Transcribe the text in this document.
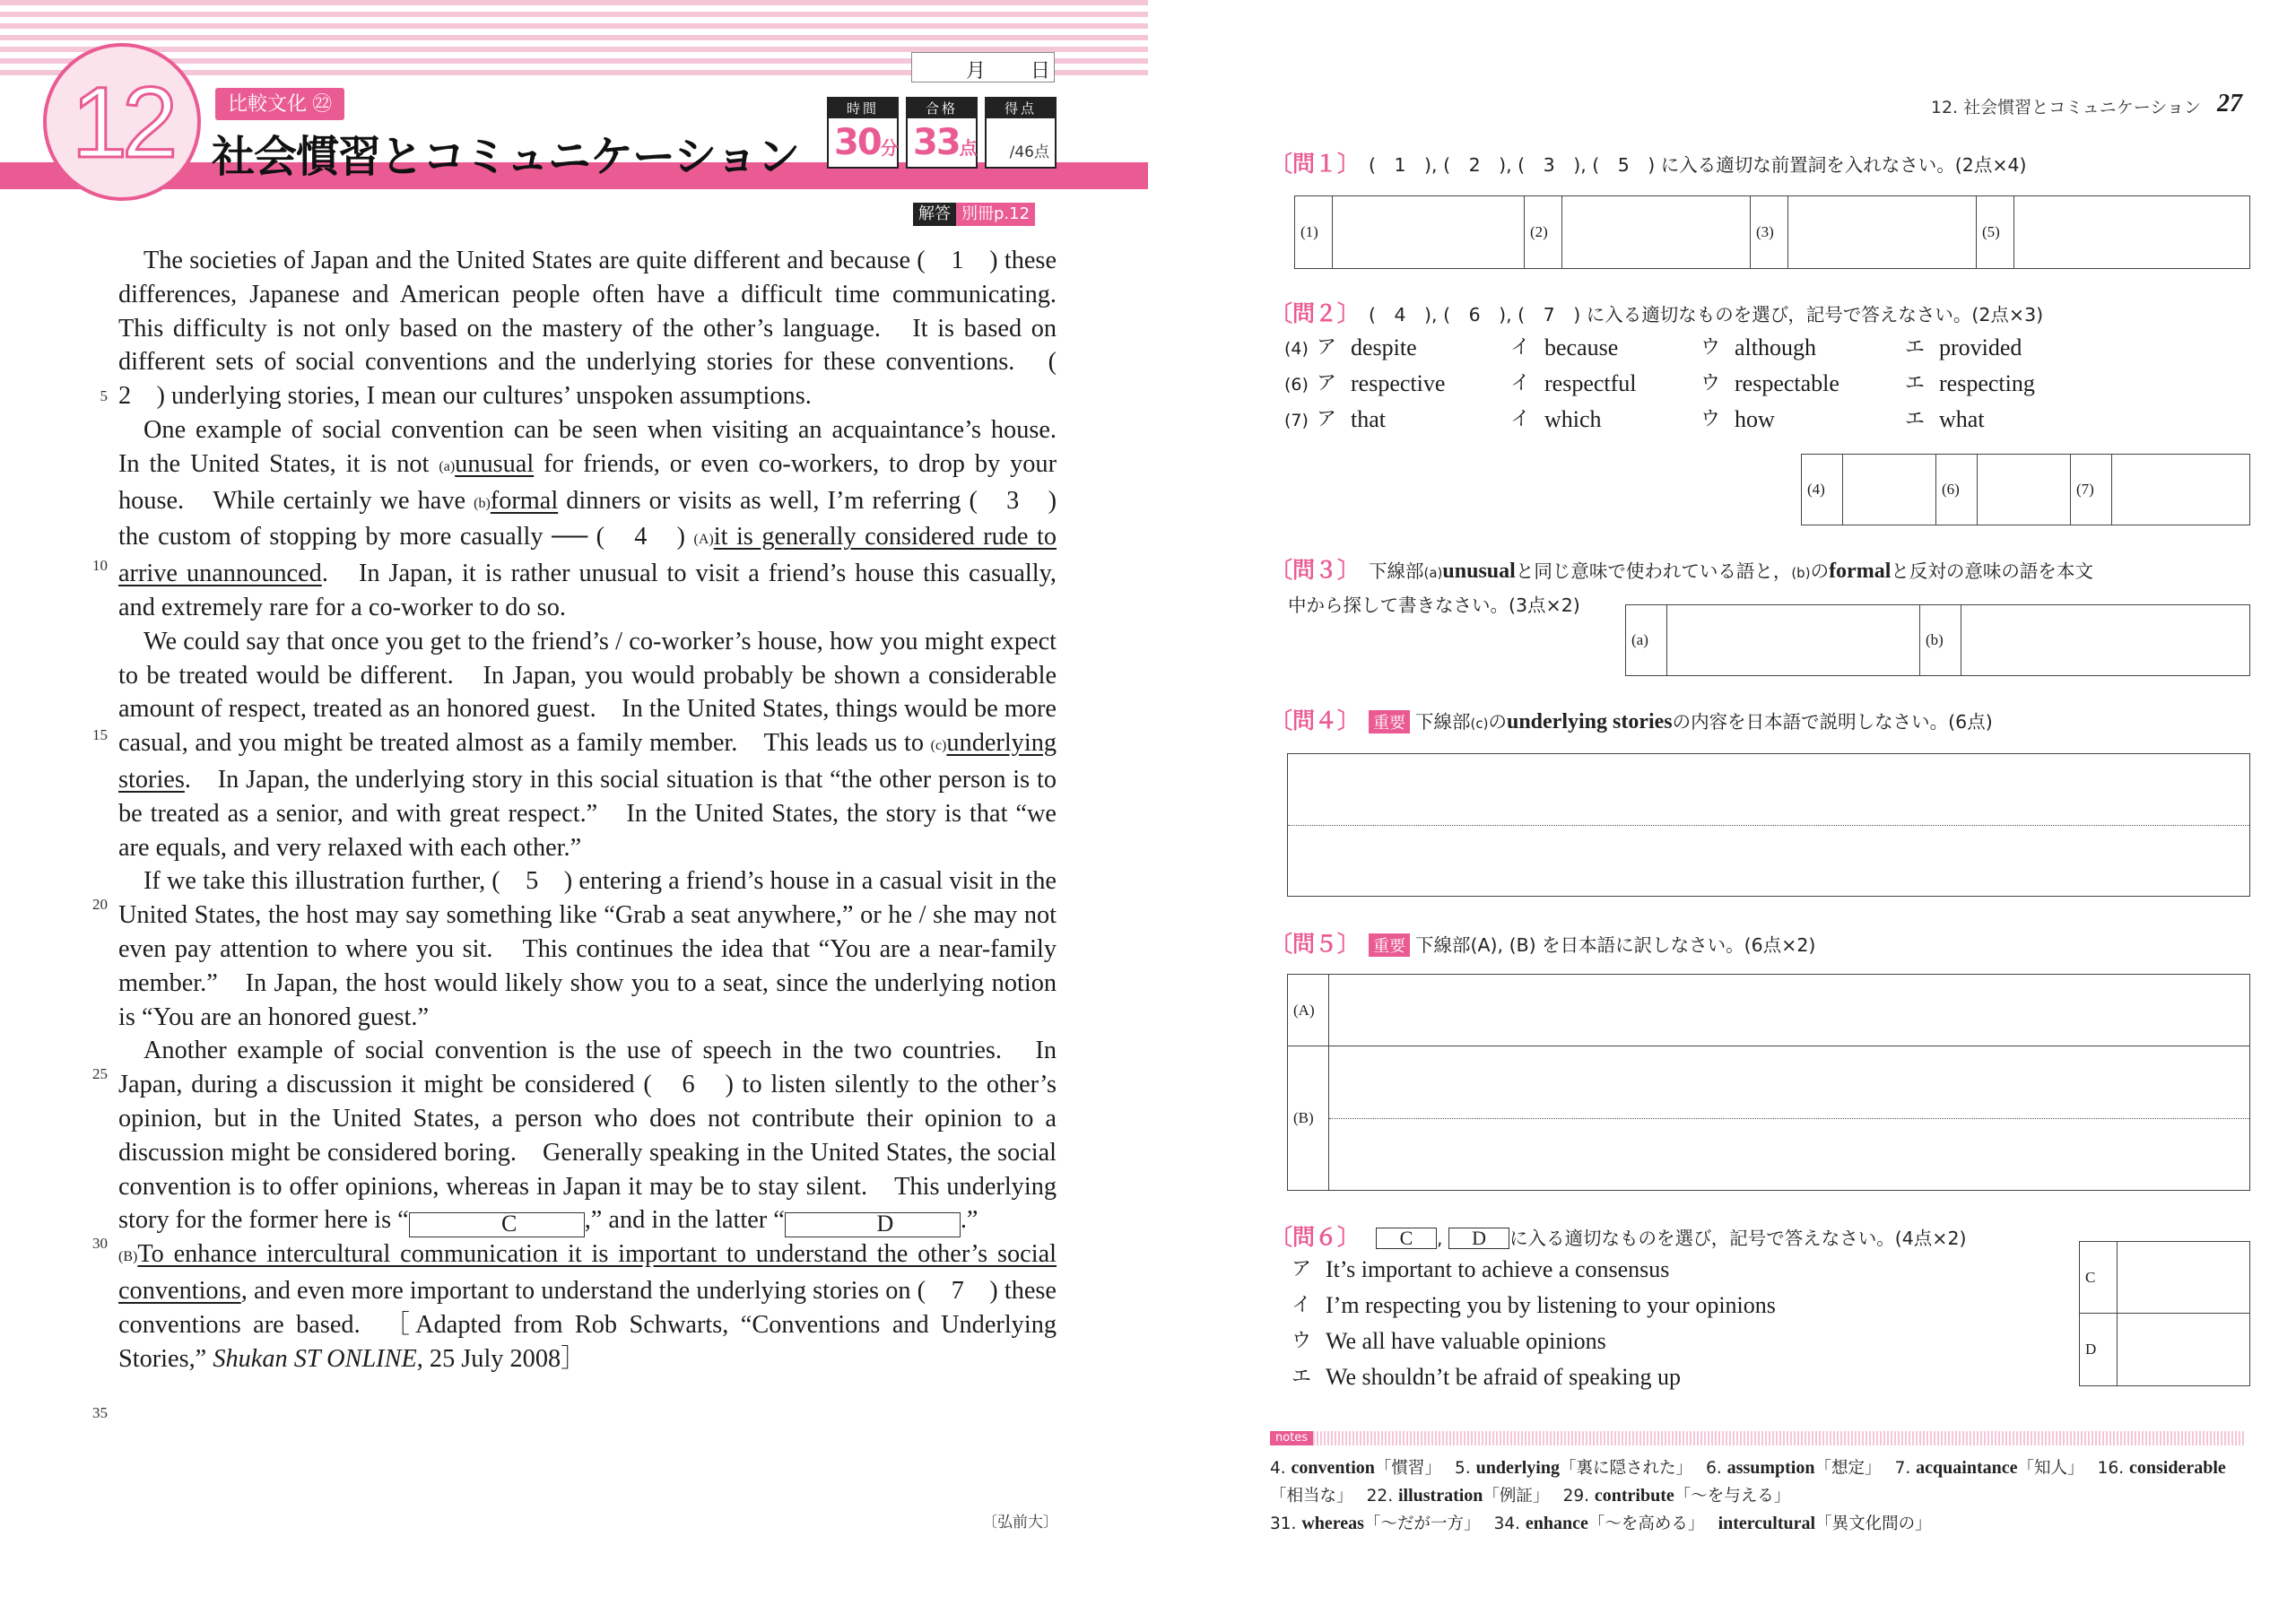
12	比較文化 ㉒
社会慣習とコミュニケーション
月 日
時間
30分
合格
33点
得点
/46点
解答 別冊p.12
5
10
15
20
25
30
35

The societies of Japan and the United States are quite different and because (　1　) these differences, Japanese and American people often have a difficult time communicating.　This difficulty is not only based on the mastery of the other’s language.　It is based on different sets of social conventions and the underlying stories for these conventions.　(　2　) underlying stories, I mean our cultures’ unspoken assumptions.

One example of social convention can be seen when visiting an acquaintance’s house.　In the United States, it is not (a)unusual for friends, or even co-workers, to drop by your house.　While certainly we have (b)formal dinners or visits as well, I’m referring (　3　) the custom of stopping by more casually ── (　4　) (A)it is generally considered rude to arrive unannounced.　In Japan, it is rather unusual to visit a friend’s house this casually, and extremely rare for a co-worker to do so.

We could say that once you get to the friend’s / co-worker’s house, how you might expect to be treated would be different.　In Japan, you would probably be shown a considerable amount of respect, treated as an honored guest.　In the United States, things would be more casual, and you might be treated almost as a family member.　This leads us to (c)underlying stories.　In Japan, the underlying story in this social situation is that “the other person is to be treated as a senior, and with great respect.”　In the United States, the story is that “we are equals, and very relaxed with each other.”

If we take this illustration further, (　5　) entering a friend’s house in a casual visit in the United States, the host may say something like “Grab a seat anywhere,” or he / she may not even pay attention to where you sit.　This continues the idea that “You are a near-family member.”　In Japan, the host would likely show you to a seat, since the underlying notion is “You are an honored guest.”

Another example of social convention is the use of speech in the two countries.　In Japan, during a discussion it might be considered (　6　) to listen silently to the other’s opinion, but in the United States, a person who does not contribute their opinion to a discussion might be considered boring.　Generally speaking in the United States, the social convention is to offer opinions, whereas in Japan it may be to stay silent.　This underlying story for the former here is “	C	,” and in the latter “	D	.”

(B)To enhance intercultural communication it is important to understand the other’s social conventions, and even more important to understand the underlying stories on (　7　) these conventions are based.　［Adapted from Rob Schwarts, “Conventions and Underlying Stories,” Shukan ST ONLINE, 25 July 2008］

〔弘前大〕
12. 社会慣習とコミュニケーション 27
〔問１〕 (　1　), (　2　), (　3　), (　5　) に入る適切な前置詞を入れなさい。(2点×4)
(1)	(2)	(3)	(5)
〔問２〕 (　4　), (　6　), (　7　) に入る適切なものを選び，記号で答えなさい。(2点×3)
(4) ア despite	イ because	ウ although	エ provided
(6) ア respective	イ respectful	ウ respectable	エ respecting
(7) ア that	イ which	ウ how	エ what
(4)	(6)	(7)
〔問３〕 下線部(a)unusualと同じ意味で使われている語と，(b)のformalと反対の意味の語を本文
中から探して書きなさい。(3点×2)
(a)	(b)
〔問４〕 重要 下線部(c)のunderlying storiesの内容を日本語で説明しなさい。(6点)
〔問５〕 重要 下線部(A), (B) を日本語に訳しなさい。(6点×2)
(A)
(B)
〔問６〕 C , D に入る適切なものを選び，記号で答えなさい。(4点×2)
ア It’s important to achieve a consensus
イ I’m respecting you by listening to your opinions
ウ We all have valuable opinions
エ We shouldn’t be afraid of speaking up
C
D
notes
4. convention「慣習」　 5. underlying「裏に隠された」　 6. assumption「想定」　 7. acquaintance「知人」　 16. considerable「相当な」　 22. illustration「例証」　 29. contribute「〜を与える」
31. whereas「〜だが一方」　 34. enhance「〜を高める」　 intercultural「異文化間の」
